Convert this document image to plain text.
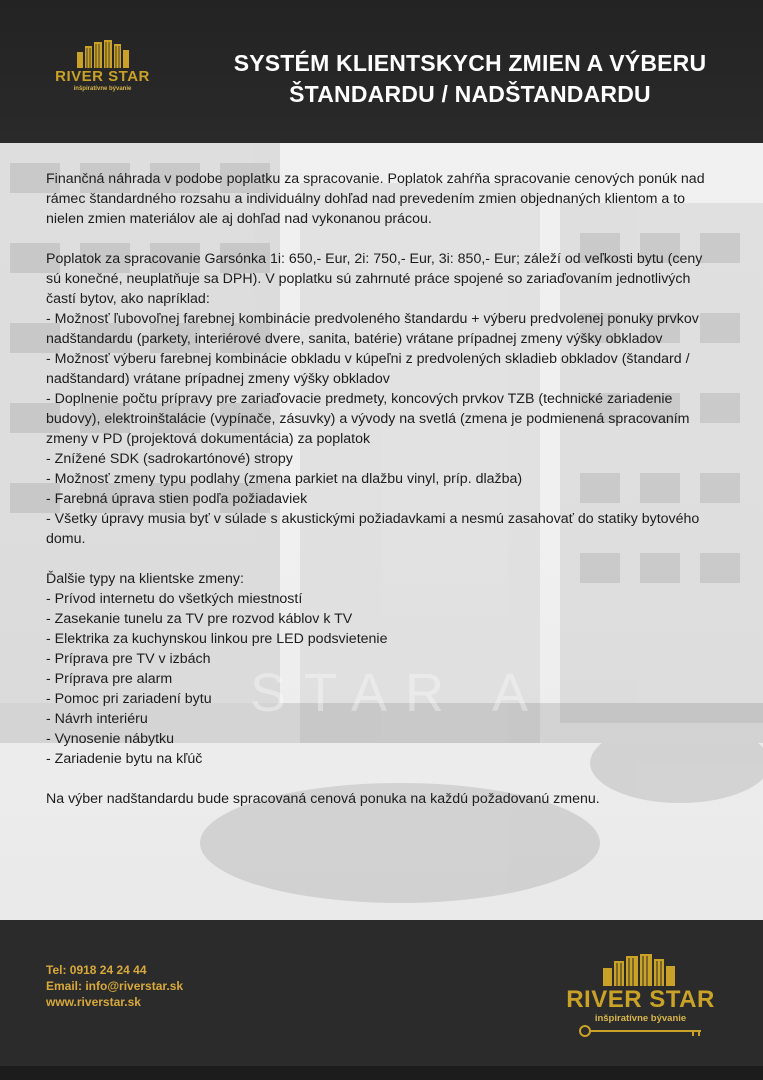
RIVER STAR
inšpiratívne bývanie
SYSTÉM KLIENTSKYCH ZMIEN A VÝBERU
ŠTANDARDU / NADŠTANDARDU
STAR A

Finančná náhrada v podobe poplatku za spracovanie. Poplatok zahŕňa spracovanie cenových ponúk nad rámec štandardného rozsahu a individuálny dohľad nad prevedením zmien objednaných klientom a to nielen zmien materiálov ale aj dohľad nad vykonanou prácou.

Poplatok za spracovanie Garsónka 1i: 650,- Eur, 2i: 750,- Eur, 3i: 850,- Eur; záleží od veľkosti bytu (ceny sú konečné, neuplatňuje sa DPH). V poplatku sú zahrnuté práce spojené so zariaďovaním jednotlivých častí bytov, ako napríklad:

- Možnosť ľubovoľnej farebnej kombinácie predvoleného štandardu + výberu predvolenej ponuky prvkov nadštandardu (parkety, interiérové dvere, sanita, batérie) vrátane prípadnej zmeny výšky obkladov

- Možnosť výberu farebnej kombinácie obkladu v kúpeľni z predvolených skladieb obkladov (štandard / nadštandard) vrátane prípadnej zmeny výšky obkladov

- Doplnenie počtu prípravy pre zariaďovacie predmety, koncových prvkov TZB (technické zariadenie budovy), elektroinštalácie (vypínače, zásuvky) a vývody na svetlá (zmena je podmienená spracovaním zmeny v PD (projektová dokumentácia) za poplatok

- Znížené SDK (sadrokartónové) stropy

- Možnosť zmeny typu podlahy (zmena parkiet na dlažbu vinyl, príp. dlažba)

- Farebná úprava stien podľa požiadaviek

- Všetky úpravy musia byť v súlade s akustickými požiadavkami a nesmú zasahovať do statiky bytového domu.

Ďalšie typy na klientske zmeny:

- Prívod internetu do všetkých miestností

- Zasekanie tunelu za TV pre rozvod káblov k TV

- Elektrika za kuchynskou linkou pre LED podsvietenie

- Príprava pre TV v izbách

- Príprava pre alarm

- Pomoc pri zariadení bytu

- Návrh interiéru

- Vynosenie nábytku

- Zariadenie bytu na kľúč

Na výber nadštandardu bude spracovaná cenová ponuka na každú požadovanú zmenu.

Tel: 0918 24 24 44
Email: info@riverstar.sk
www.riverstar.sk	RIVER STAR
inšpiratívne bývanie
